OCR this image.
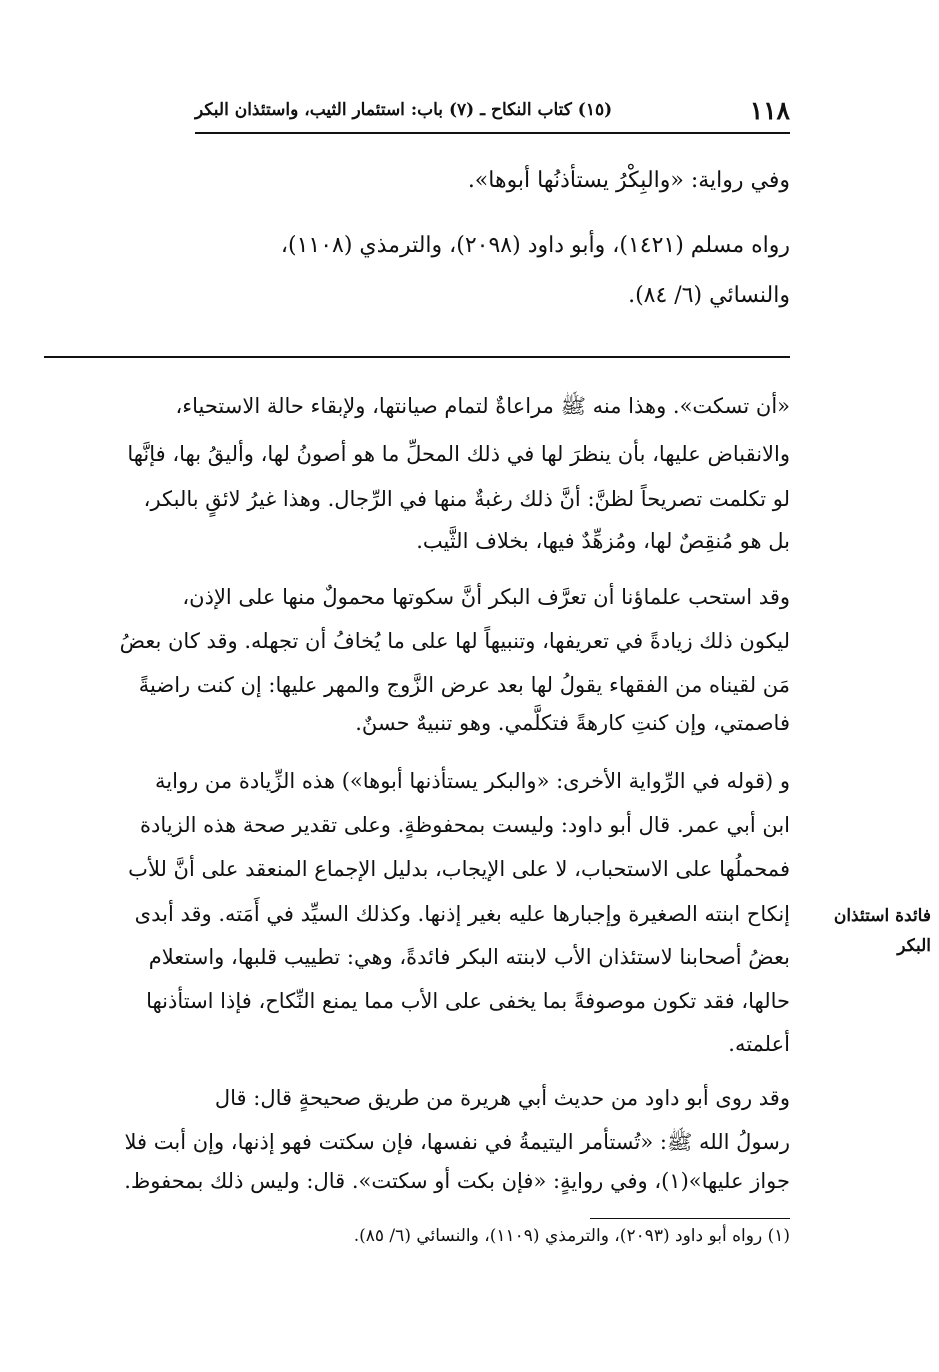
١١٨
(١٥) كتاب النكاح ـ (٧) باب: استئمار الثيب، واستئذان البكر
وفي رواية: «والبِكْرُ يستأذنُها أبوها».
رواه مسلم (١٤٢١)، وأبو داود (٢٠٩٨)، والترمذي (١١٠٨)،
والنسائي (٦/ ٨٤).
«أن تسكت». وهذا منه ﷺ مراعاةٌ لتمام صيانتها، ولإبقاء حالة الاستحياء،
والانقباض عليها، بأن ينظرَ لها في ذلك المحلِّ ما هو أصونُ لها، وأليقُ بها، فإنَّها
لو تكلمت تصريحاً لظنَّ: أنَّ ذلك رغبةٌ منها في الرِّجال. وهذا غيرُ لائقٍ بالبكر،
بل هو مُنقِصٌ لها، ومُزهِّدٌ فيها، بخلاف الثَّيب.
وقد استحب علماؤنا أن تعرَّف البكر أنَّ سكوتها محمولٌ منها على الإذن،
ليكون ذلك زيادةً في تعريفها، وتنبيهاً لها على ما يُخافُ أن تجهله. وقد كان بعضُ
مَن لقيناه من الفقهاء يقولُ لها بعد عرض الزَّوج والمهر عليها: إن كنت راضيةً
فاصمتي، وإن كنتِ كارهةً فتكلَّمي. وهو تنبيهٌ حسنٌ.
و (قوله في الرِّواية الأخرى: «والبكر يستأذنها أبوها») هذه الزِّيادة من رواية
ابن أبي عمر. قال أبو داود: وليست بمحفوظةٍ. وعلى تقدير صحة هذه الزيادة
فمحملُها على الاستحباب، لا على الإيجاب، بدليل الإجماع المنعقد على أنَّ للأب
إنكاح ابنته الصغيرة وإجبارها عليه بغير إذنها. وكذلك السيِّد في أَمَته. وقد أبدى
بعضُ أصحابنا لاستئذان الأب لابنته البكر فائدةً، وهي: تطييب قلبها، واستعلام
حالها، فقد تكون موصوفةً بما يخفى على الأب مما يمنع النِّكاح، فإذا استأذنها
أعلمته.
وقد روى أبو داود من حديث أبي هريرة من طريق صحيحةٍ قال: قال
رسولُ الله ﷺ: «تُستأمر اليتيمةُ في نفسها، فإن سكتت فهو إذنها، وإن أبت فلا
جواز عليها»(١)، وفي روايةٍ: «فإن بكت أو سكتت». قال: وليس ذلك بمحفوظ.
فائدة استئذان
البكر
(١) رواه أبو داود (٢٠٩٣)، والترمذي (١١٠٩)، والنسائي (٦/ ٨٥).
